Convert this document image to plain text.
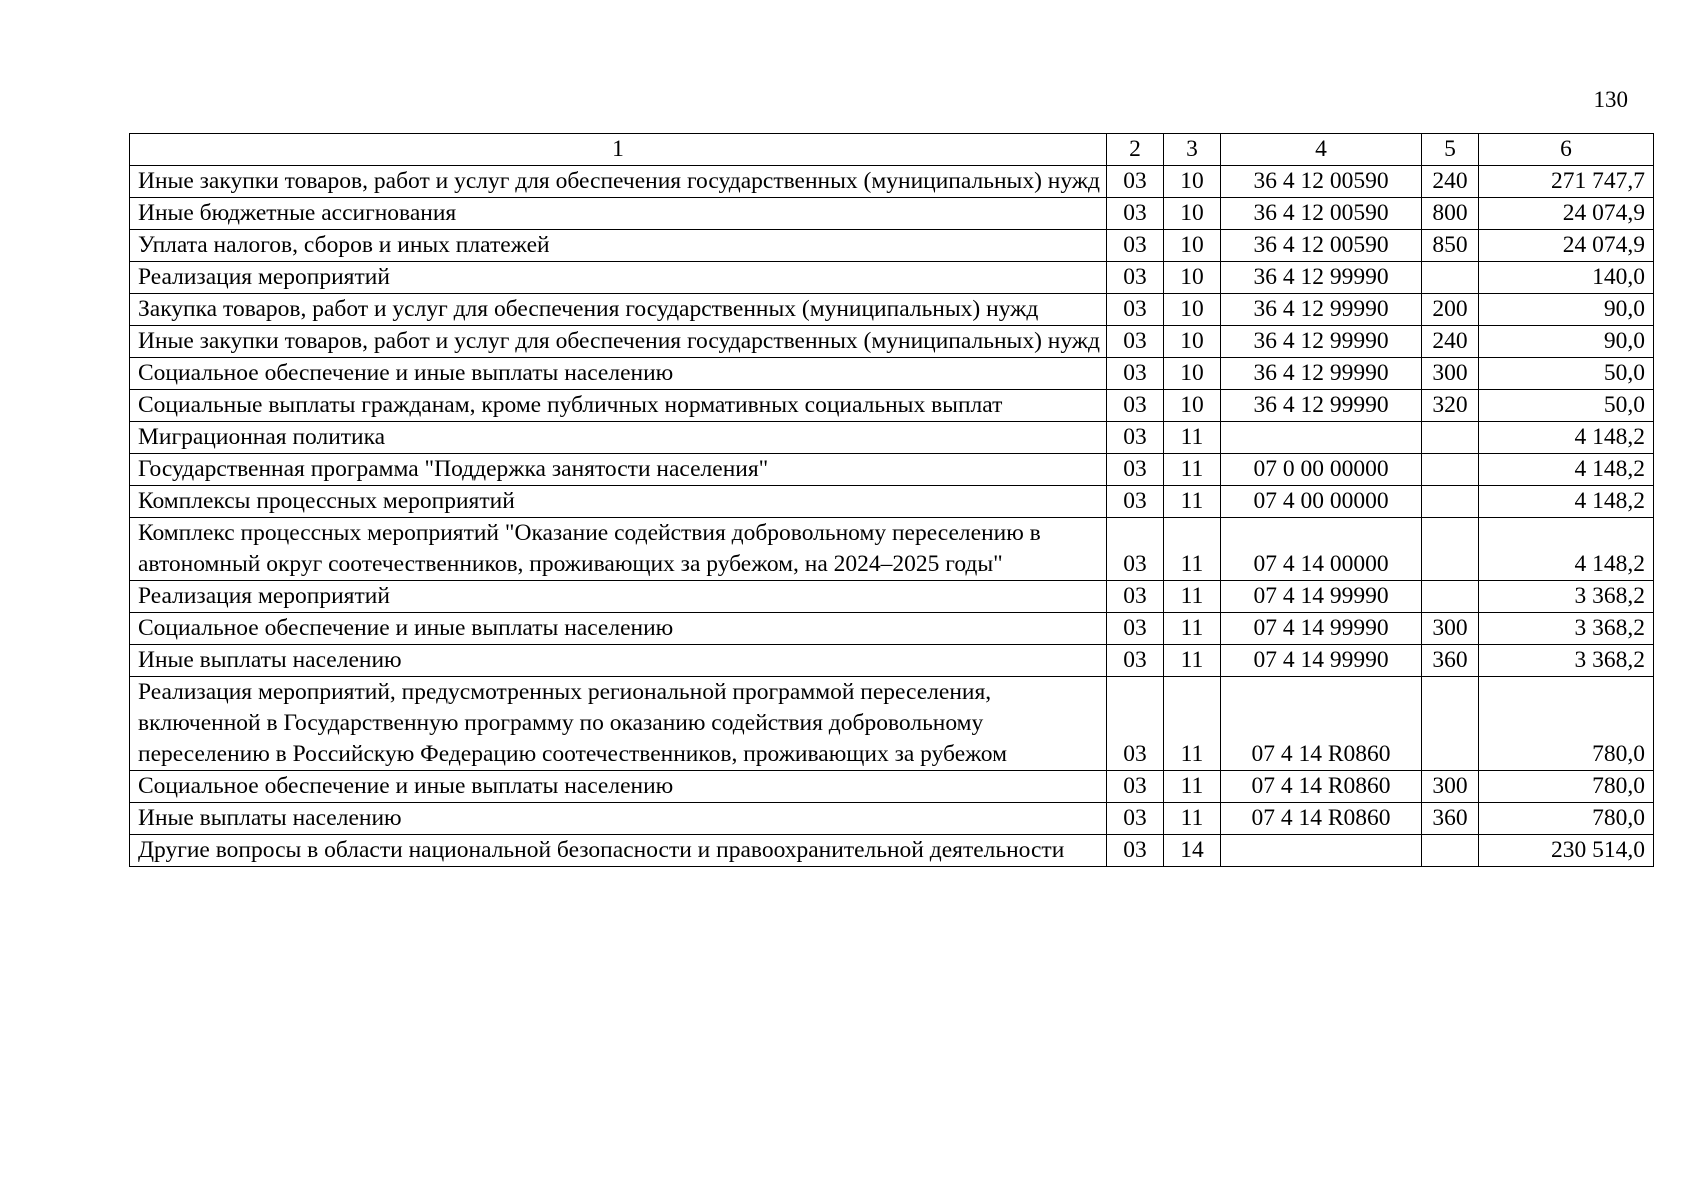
130
1	2	3	4	5	6
Иные закупки товаров, работ и услуг для обеспечения государственных (муниципальных) нужд	03	10	36 4 12 00590	240	271 747,7
Иные бюджетные ассигнования	03	10	36 4 12 00590	800	24 074,9
Уплата налогов, сборов и иных платежей	03	10	36 4 12 00590	850	24 074,9
Реализация мероприятий	03	10	36 4 12 99990		140,0
Закупка товаров, работ и услуг для обеспечения государственных (муниципальных) нужд	03	10	36 4 12 99990	200	90,0
Иные закупки товаров, работ и услуг для обеспечения государственных (муниципальных) нужд	03	10	36 4 12 99990	240	90,0
Социальное обеспечение и иные выплаты населению	03	10	36 4 12 99990	300	50,0
Социальные выплаты гражданам, кроме публичных нормативных социальных выплат	03	10	36 4 12 99990	320	50,0
Миграционная политика	03	11			4 148,2
Государственная программа "Поддержка занятости населения"	03	11	07 0 00 00000		4 148,2
Комплексы процессных мероприятий	03	11	07 4 00 00000		4 148,2
Комплекс процессных мероприятий "Оказание содействия добровольному переселению в автономный округ соотечественников, проживающих за рубежом, на 2024–2025 годы"	03	11	07 4 14 00000		4 148,2
Реализация мероприятий	03	11	07 4 14 99990		3 368,2
Социальное обеспечение и иные выплаты населению	03	11	07 4 14 99990	300	3 368,2
Иные выплаты населению	03	11	07 4 14 99990	360	3 368,2
Реализация мероприятий, предусмотренных региональной программой переселения, включенной в Государственную программу по оказанию содействия добровольному переселению в Российскую Федерацию соотечественников, проживающих за рубежом	03	11	07 4 14 R0860		780,0
Социальное обеспечение и иные выплаты населению	03	11	07 4 14 R0860	300	780,0
Иные выплаты населению	03	11	07 4 14 R0860	360	780,0
Другие вопросы в области национальной безопасности и правоохранительной деятельности	03	14			230 514,0
